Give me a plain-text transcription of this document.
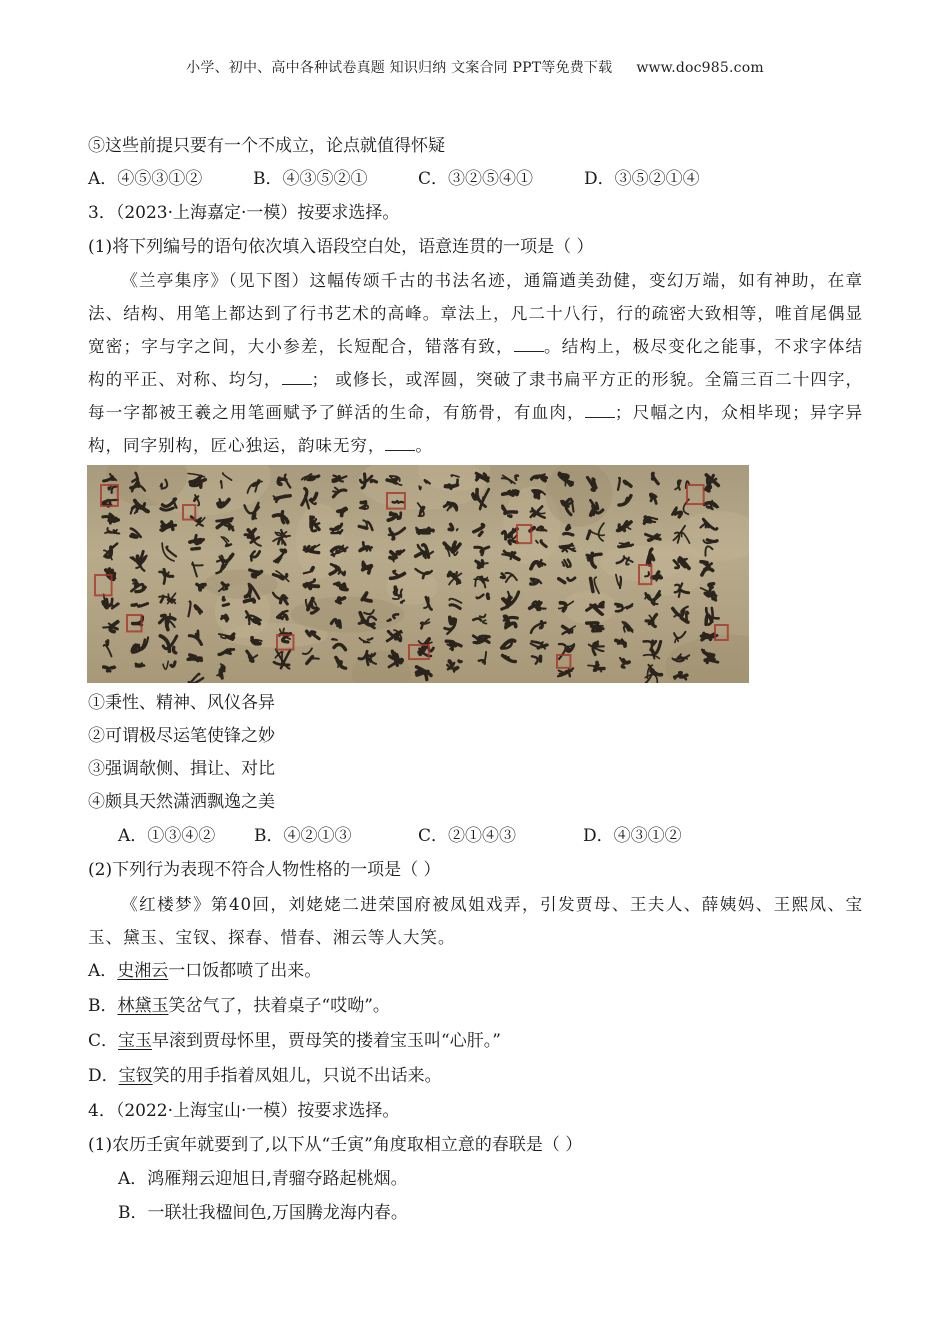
小学、初中、高中各种试卷真题 知识归纳 文案合同 PPT等免费下载 www.doc985.com
⑤这些前提只要有一个不成立，论点就值得怀疑
A．④⑤③①②	B．④③⑤②①	C．③②⑤④①	D．③⑤②①④
3．（2023·上海嘉定·一模）按要求选择。
(1)将下列编号的语句依次填入语段空白处，语意连贯的一项是（ ）
《兰亭集序》（见下图）这幅传颂千古的书法名迹，通篇遒美劲健，变幻万端，如有神助，在章法、结构、用笔上都达到了行书艺术的高峰。章法上，凡二十八行，行的疏密大致相等，唯首尾偶显宽密；字与字之间，大小参差，长短配合，错落有致， 。结构上，极尽变化之能事，不求字体结构的平正、对称、均匀， ； 或修长，或浑圆，突破了隶书扁平方正的形貌。全篇三百二十四字，每一字都被王羲之用笔画赋予了鲜活的生命，有筋骨，有血肉， ；尺幅之内，众相毕现；异字异构，同字别构，匠心独运，韵味无穷， 。
①秉性、精神、风仪各异
②可谓极尽运笔使锋之妙
③强调欹侧、揖让、对比
④颇具天然潇洒飘逸之美
A．①③④② B．④②①③	C．②①④③	D．④③①②
(2)下列行为表现不符合人物性格的一项是（ ）
《红楼梦》第40回，刘姥姥二进荣国府被凤姐戏弄，引发贾母、王夫人、薛姨妈、王熙凤、宝玉、黛玉、宝钗、探春、惜春、湘云等人大笑。
A．史湘云一口饭都喷了出来。
B．林黛玉笑岔气了，扶着桌子“哎呦”。
C．宝玉早滚到贾母怀里，贾母笑的搂着宝玉叫“心肝。”
D．宝钗笑的用手指着凤姐儿，只说不出话来。
4．（2022·上海宝山·一模）按要求选择。
(1)农历壬寅年就要到了,以下从“壬寅”角度取相立意的春联是（ ）
A．鸿雁翔云迎旭日,青骝夺路起桃烟。
B．一联壮我楹间色,万国腾龙海内春。
